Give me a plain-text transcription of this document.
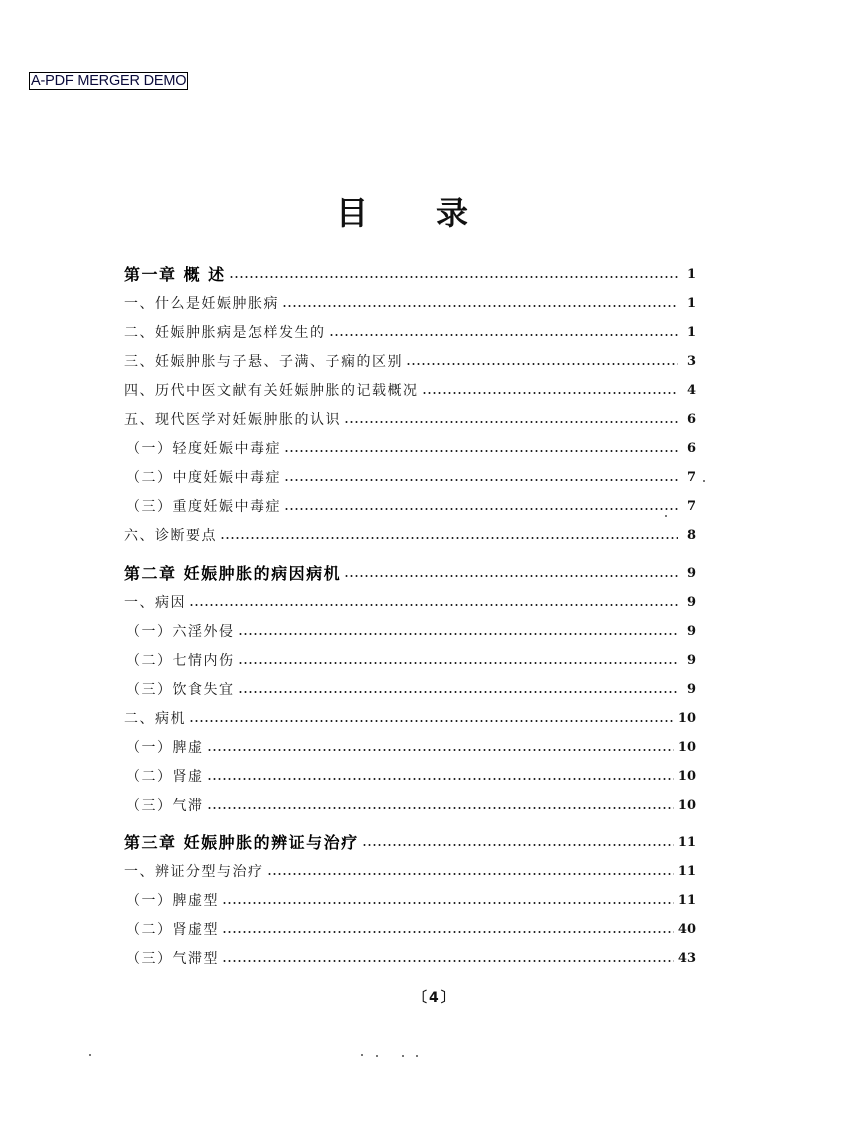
A-PDF MERGER DEMO
目 录
第一章 概 述	1
一、什么是妊娠肿胀病	1
二、妊娠肿胀病是怎样发生的	1
三、妊娠肿胀与子悬、子满、子痫的区别	3
四、历代中医文献有关妊娠肿胀的记载概况	4
五、现代医学对妊娠肿胀的认识	6
（一）轻度妊娠中毒症	6
（二）中度妊娠中毒症	7
（三）重度妊娠中毒症	7
六、诊断要点	8
第二章 妊娠肿胀的病因病机	9
一、病因	9
（一）六淫外侵	9
（二）七情内伤	9
（三）饮食失宜	9
二、病机	10
（一）脾虚	10
（二）肾虚	10
（三）气滞	10
第三章 妊娠肿胀的辨证与治疗	11
一、辨证分型与治疗	11
（一）脾虚型	11
（二）肾虚型	40
（三）气滞型	43
〔4〕
